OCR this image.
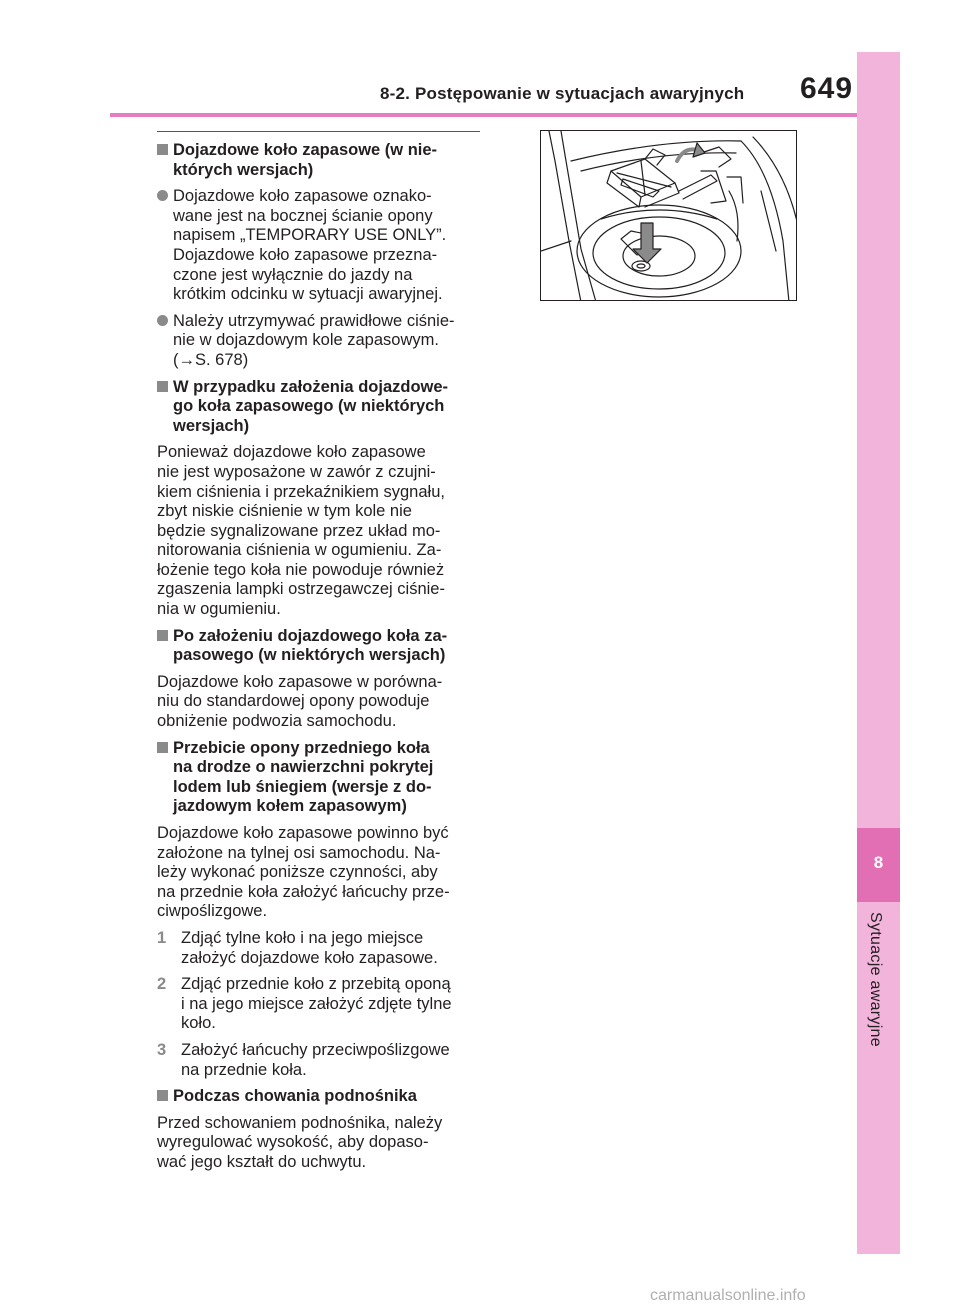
8-2. Postępowanie w sytuacjach awaryjnych 649
8
Sytuacje awaryjne

Dojazdowe koło zapasowe (w nie-
których wersjach)

Dojazdowe koło zapasowe oznako-
wane jest na bocznej ścianie opony
napisem „TEMPORARY USE ONLY”.
Dojazdowe koło zapasowe przezna-
czone jest wyłącznie do jazdy na
krótkim odcinku w sytuacji awaryjnej.

Należy utrzymywać prawidłowe ciśnie-
nie w dojazdowym kole zapasowym.
(→S. 678)

W przypadku założenia dojazdowe-
go koła zapasowego (w niektórych
wersjach)

Ponieważ dojazdowe koło zapasowe
nie jest wyposażone w zawór z czujni-
kiem ciśnienia i przekaźnikiem sygnału,
zbyt niskie ciśnienie w tym kole nie
będzie sygnalizowane przez układ mo-
nitorowania ciśnienia w ogumieniu. Za-
łożenie tego koła nie powoduje również
zgaszenia lampki ostrzegawczej ciśnie-
nia w ogumieniu.

Po założeniu dojazdowego koła za-
pasowego (w niektórych wersjach)

Dojazdowe koło zapasowe w porówna-
niu do standardowej opony powoduje
obniżenie podwozia samochodu.

Przebicie opony przedniego koła
na drodze o nawierzchni pokrytej
lodem lub śniegiem (wersje z do-
jazdowym kołem zapasowym)

Dojazdowe koło zapasowe powinno być
założone na tylnej osi samochodu. Na-
leży wykonać poniższe czynności, aby
na przednie koła założyć łańcuchy prze-
ciwpoślizgowe.

1 Zdjąć tylne koło i na jego miejsce
założyć dojazdowe koło zapasowe.

2 Zdjąć przednie koło z przebitą oponą
i na jego miejsce założyć zdjęte tylne
koło.

3 Założyć łańcuchy przeciwpoślizgowe
na przednie koła.

Podczas chowania podnośnika

Przed schowaniem podnośnika, należy
wyregulować wysokość, aby dopaso-
wać jego kształt do uchwytu.

carmanualsonline.info
